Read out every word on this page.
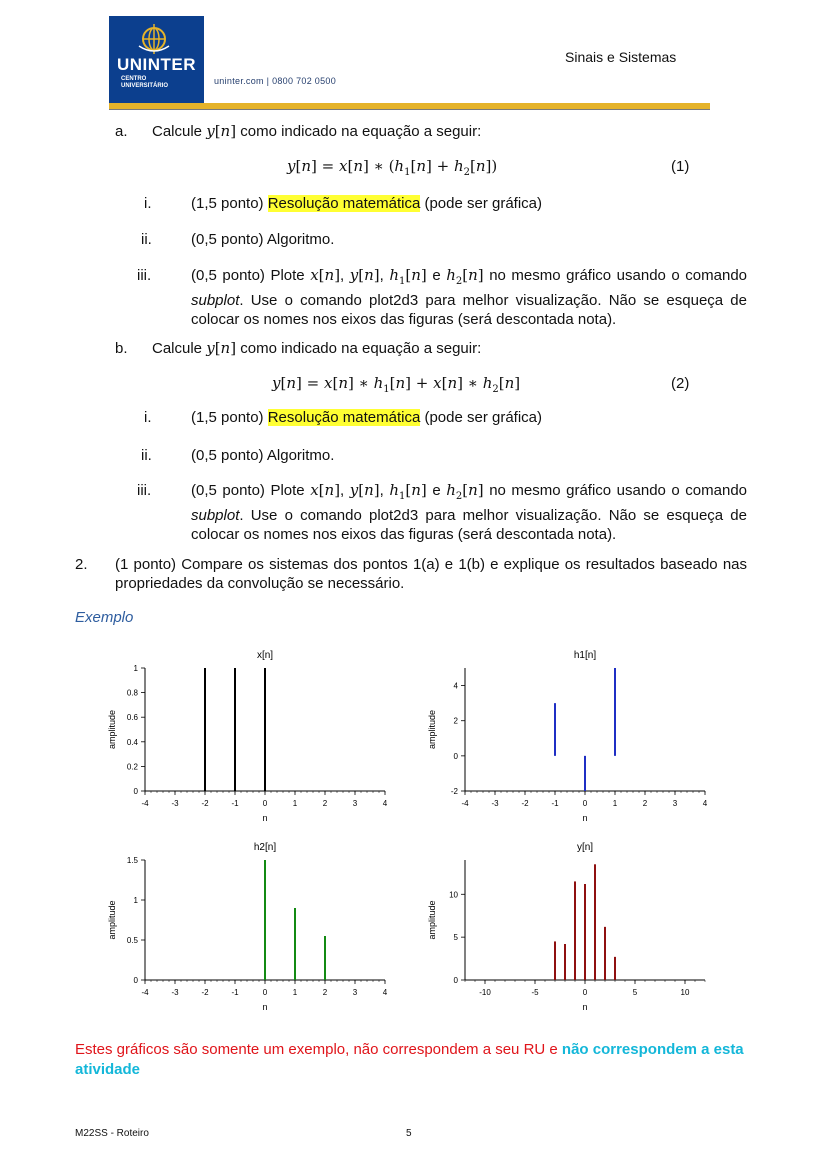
UNINTER
CENTRO
UNIVERSITÁRIO	uninter.com | 0800 702 0500
Sinais e Sistemas
a. Calcule y[n] como indicado na equação a seguir:
y[n] = x[n] ∗ $(h_1[n] + h_2[n])$	(1)
i.	(1,5 ponto) Resolução matemática (pode ser gráfica)
ii.	(0,5 ponto) Algoritmo.
iii.	(0,5 ponto) Plote x[n], y[n], $h_1[n]$ e $h_2[n]$ no mesmo gráfico usando o comando subplot. Use o comando plot2d3 para melhor visualização. Não se esqueça de colocar os nomes nos eixos das figuras (será descontada nota).
b. Calcule y[n] como indicado na equação a seguir:
y[n] = x[n] ∗ $h_1[n] + x[n]$ ∗ $h_2[n]$	(2)
i.	(1,5 ponto) Resolução matemática (pode ser gráfica)
ii.	(0,5 ponto) Algoritmo.
iii.	(0,5 ponto) Plote x[n], y[n], $h_1[n]$ e $h_2[n]$ no mesmo gráfico usando o comando subplot. Use o comando plot2d3 para melhor visualização. Não se esqueça de colocar os nomes nos eixos das figuras (será descontada nota).
2. (1 ponto) Compare os sistemas dos pontos 1(a) e 1(b) e explique os resultados baseado nas propriedades da convolução se necessário.
Exemplo
-4	-3	-2	-1	0	1	2	3	4
0
0.2
0.4
0.6
0.8
1
x[n]
n
amplitude
-4	-3	-2	-1	0	1	2	3	4
-2
0
2
4
h1[n]
n
amplitude
-4	-3	-2	-1	0	1	2	3	4
0
0.5
1
1.5
h2[n]
n
amplitude
-10	-5	0	5	10
0
5
10
y[n]
n
amplitude
Estes gráficos são somente um exemplo, não correspondem a seu RU e não correspondem a esta atividade
M22SS - Roteiro	5
